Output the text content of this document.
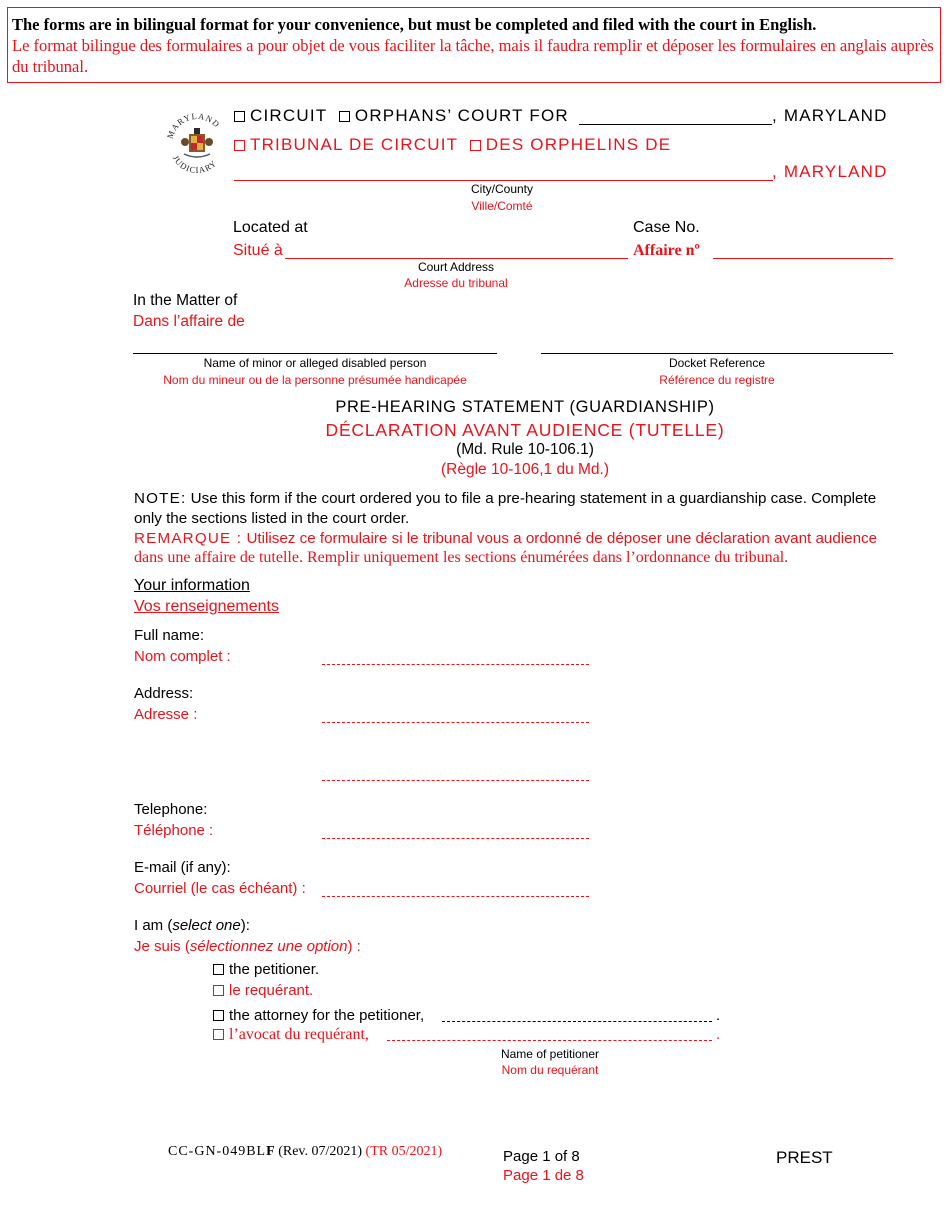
The forms are in bilingual format for your convenience, but must be completed and filed with the court in English.
Le format bilingue des formulaires a pour objet de vous faciliter la tâche, mais il faudra remplir et déposer les formulaires en anglais auprès du tribunal.
MARYLAND
JUDICIARY
CIRCUIT ORPHANS’ COURT FOR	, MARYLAND
TRIBUNAL DE CIRCUIT DES ORPHELINS DE
, MARYLAND
City/County
Ville/Comté
Located at
Situé à
Court Address
Adresse du tribunal
Case No.
Affaire nº
In the Matter of
Dans l’affaire de
Name of minor or alleged disabled person
Nom du mineur ou de la personne présumée handicapée
Docket Reference
Référence du registre
PRE-HEARING STATEMENT (GUARDIANSHIP)
DÉCLARATION AVANT AUDIENCE (TUTELLE)
(Md. Rule 10-106.1)
(Règle 10-106,1 du Md.)
NOTE: Use this form if the court ordered you to file a pre-hearing statement in a guardianship case. Complete
only the sections listed in the court order.
REMARQUE : Utilisez ce formulaire si le tribunal vous a ordonné de déposer une déclaration avant audience
dans une affaire de tutelle. Remplir uniquement les sections énumérées dans l’ordonnance du tribunal.
Your information
Vos renseignements
Full name:
Nom complet :
Address:
Adresse :
Telephone:
Téléphone :
E-mail (if any):
Courriel (le cas échéant) :
I am (select one):
Je suis (sélectionnez une option) :
the petitioner.
le requérant.
the attorney for the petitioner,	.
l’avocat du requérant,	.
Name of petitioner
Nom du requérant
CC-GN-049BLF (Rev. 07/2021) (TR 05/2021)	Page 1 of 8
Page 1 de 8
PREST
